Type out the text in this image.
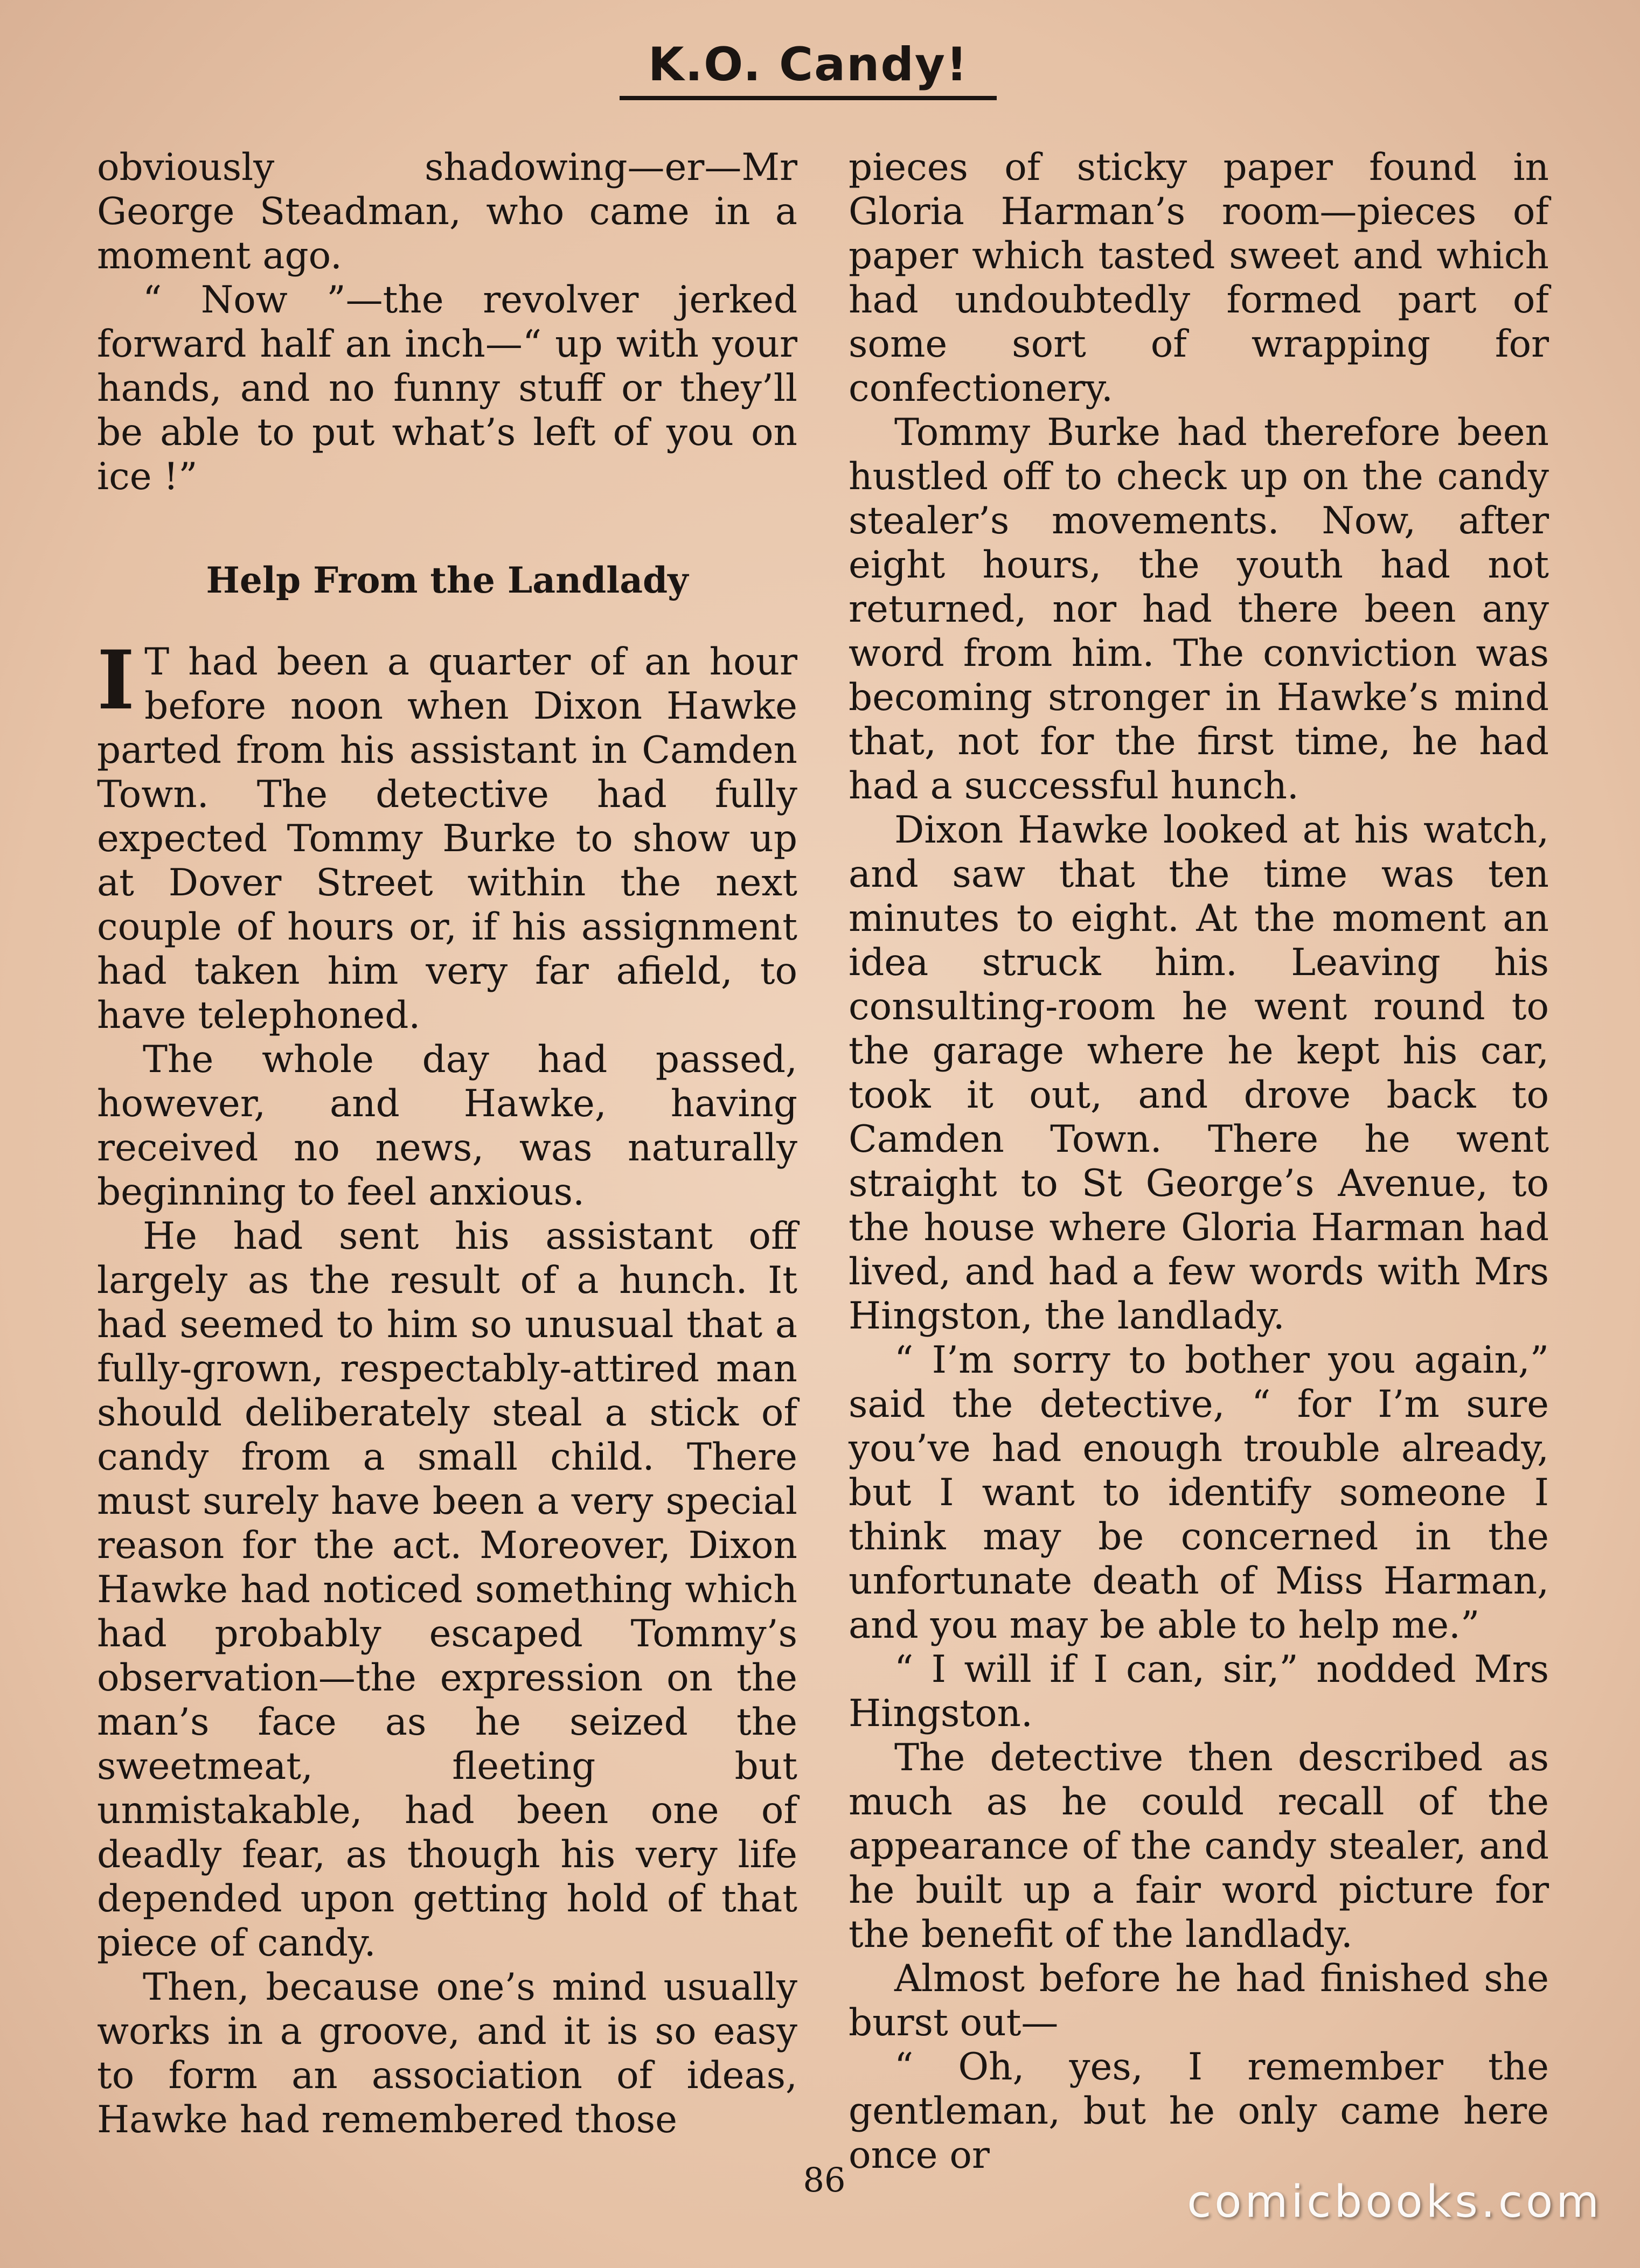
K.O. Candy!

obviously shadowing—er—Mr George Steadman, who came in a moment ago.

“ Now ”—the revolver jerked forward half an inch—“ up with your hands, and no funny stuff or they’ll be able to put what’s left of you on ice !”

Help From the Landlady

I T had been a quarter of an hour before noon when Dixon Hawke parted from his assistant in Camden Town. The detective had fully expected Tommy Burke to show up at Dover Street within the next couple of hours or, if his assignment had taken him very far afield, to have telephoned.

The whole day had passed, however, and Hawke, having received no news, was naturally beginning to feel anxious.

He had sent his assistant off largely as the result of a hunch. It had seemed to him so unusual that a fully-grown, respectably-attired man should deliberately steal a stick of candy from a small child. There must surely have been a very special reason for the act. Moreover, Dixon Hawke had noticed something which had probably escaped Tommy’s observation—the expression on the man’s face as he seized the sweetmeat, fleeting but unmistakable, had been one of deadly fear, as though his very life depended upon getting hold of that piece of candy.

Then, because one’s mind usually works in a groove, and it is so easy to form an association of ideas, Hawke had remembered those

pieces of sticky paper found in Gloria Harman’s room—pieces of paper which tasted sweet and which had undoubtedly formed part of some sort of wrapping for confectionery.

Tommy Burke had therefore been hustled off to check up on the candy stealer’s movements. Now, after eight hours, the youth had not returned, nor had there been any word from him. The conviction was becoming stronger in Hawke’s mind that, not for the first time, he had had a successful hunch.

Dixon Hawke looked at his watch, and saw that the time was ten minutes to eight. At the moment an idea struck him. Leaving his consulting-room he went round to the garage where he kept his car, took it out, and drove back to Camden Town. There he went straight to St George’s Avenue, to the house where Gloria Harman had lived, and had a few words with Mrs Hingston, the landlady.

“ I’m sorry to bother you again,” said the detective, “ for I’m sure you’ve had enough trouble already, but I want to identify someone I think may be concerned in the unfortunate death of Miss Harman, and you may be able to help me.”

“ I will if I can, sir,” nodded Mrs Hingston.

The detective then described as much as he could recall of the appearance of the candy stealer, and he built up a fair word picture for the benefit of the landlady.

Almost before he had finished she burst out—

“ Oh, yes, I remember the gentleman, but he only came here once or

86	comicbooks.com
